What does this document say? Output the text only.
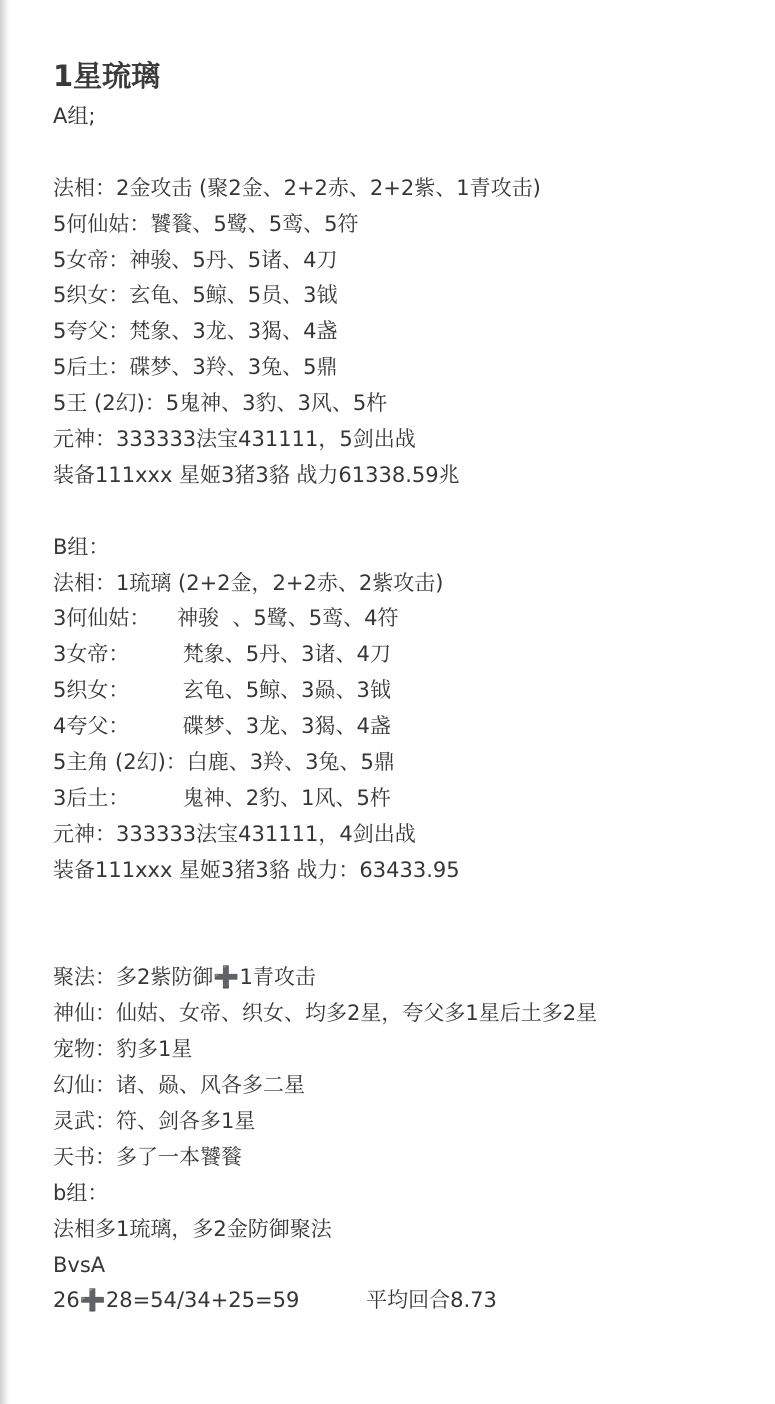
1星琉璃
A组;
法相：2金攻击 (聚2金、2+2赤、2+2紫、1青攻击)
5何仙姑：饕餮、5鹭、5鸾、5符
5女帝：神骏、5丹、5诸、4刀
5织女：玄龟、5鲸、5员、3钺
5夸父：梵象、3龙、3猲、4盏
5后土：碟梦、3羚、3兔、5鼎
5王 (2幻)：5鬼神、3豹、3风、5杵
元神：333333法宝431111，5剑出战
装备111xxx 星姬3猪3貉 战力61338.59兆
B组：
法相：1琉璃 (2+2金，2+2赤、2紫攻击)
3何仙姑：    神骏  、5鹭、5鸾、4符
3女帝：        梵象、5丹、3诸、4刀
5织女：        玄龟、5鲸、3赑、3钺
4夸父：        碟梦、3龙、3猲、4盏
5主角 (2幻)：白鹿、3羚、3兔、5鼎
3后土：        鬼神、2豹、1风、5杵
元神：333333法宝431111，4剑出战
装备111xxx 星姬3猪3貉 战力：63433.95
聚法：多2紫防御➕1青攻击
神仙：仙姑、女帝、织女、均多2星，夸父多1星后土多2星
宠物：豹多1星
幻仙：诸、赑、风各多二星
灵武：符、剑各多1星
天书：多了一本饕餮
b组：
法相多1琉璃，多2金防御聚法
BvsA
26➕28=54/34+25=59          平均回合8.73
